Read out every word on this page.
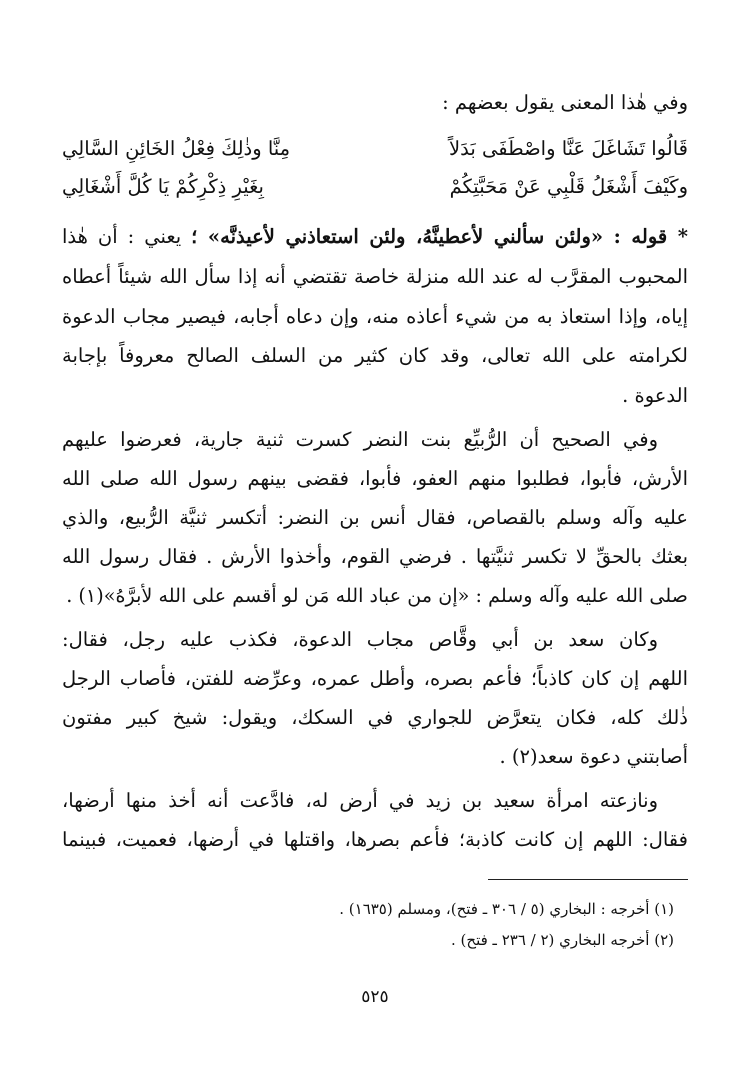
وفي هٰذا المعنى يقول بعضهم :
قَالُوا تَشَاغَلَ عَنَّا واصْطَفَى بَدَلاً
مِنَّا وذٰلِكَ فِعْلُ الخَائِنِ السَّالِي
وكَيْفَ أَشْغَلُ قَلْبِي عَنْ مَحَبَّتِكُمْ
بِغَيْرِ ذِكْرِكُمْ يَا كُلَّ أَشْغَالِي
* قوله : «ولئن سألني لأعطينَّهُ، ولئن استعاذني لأعيذنَّه» ؛ يعني : أن هٰذا
المحبوب المقرَّب له عند الله منزلة خاصة تقتضي أنه إذا سأل الله شيئاً أعطاه
إياه، وإذا استعاذ به من شيء أعاذه منه، وإن دعاه أجابه، فيصير مجاب الدعوة
لكرامته على الله تعالى، وقد كان كثير من السلف الصالح معروفاً بإجابة
الدعوة .
وفي الصحيح أن الرُّبيِّع بنت النضر كسرت ثنية جارية، فعرضوا عليهم
الأرش، فأبوا، فطلبوا منهم العفو، فأبوا، فقضى بينهم رسول الله صلى الله
عليه وآله وسلم بالقصاص، فقال أنس بن النضر: أتكسر ثنيَّة الرُّبيع، والذي
بعثك بالحقِّ لا تكسر ثنيَّتها . فرضي القوم، وأخذوا الأرش . فقال رسول الله
صلى الله عليه وآله وسلم : «إن من عباد الله مَن لو أقسم على الله لأبرَّهُ»(١) .
وكان سعد بن أبي وقَّاص مجاب الدعوة، فكذب عليه رجل، فقال:
اللهم إن كان كاذباً؛ فأعم بصره، وأطل عمره، وعرِّضه للفتن، فأصاب الرجل
ذٰلك كله، فكان يتعرَّض للجواري في السكك، ويقول: شيخ كبير مفتون
أصابتني دعوة سعد(٢) .
ونازعته امرأة سعيد بن زيد في أرض له، فادَّعت أنه أخذ منها أرضها،
فقال: اللهم إن كانت كاذبة؛ فأعم بصرها، واقتلها في أرضها، فعميت، فبينما
(١) أخرجه : البخاري (٥ / ٣٠٦ ـ فتح)، ومسلم (١٦٣٥) .
(٢) أخرجه البخاري (٢ / ٢٣٦ ـ فتح) .
٥٢٥
